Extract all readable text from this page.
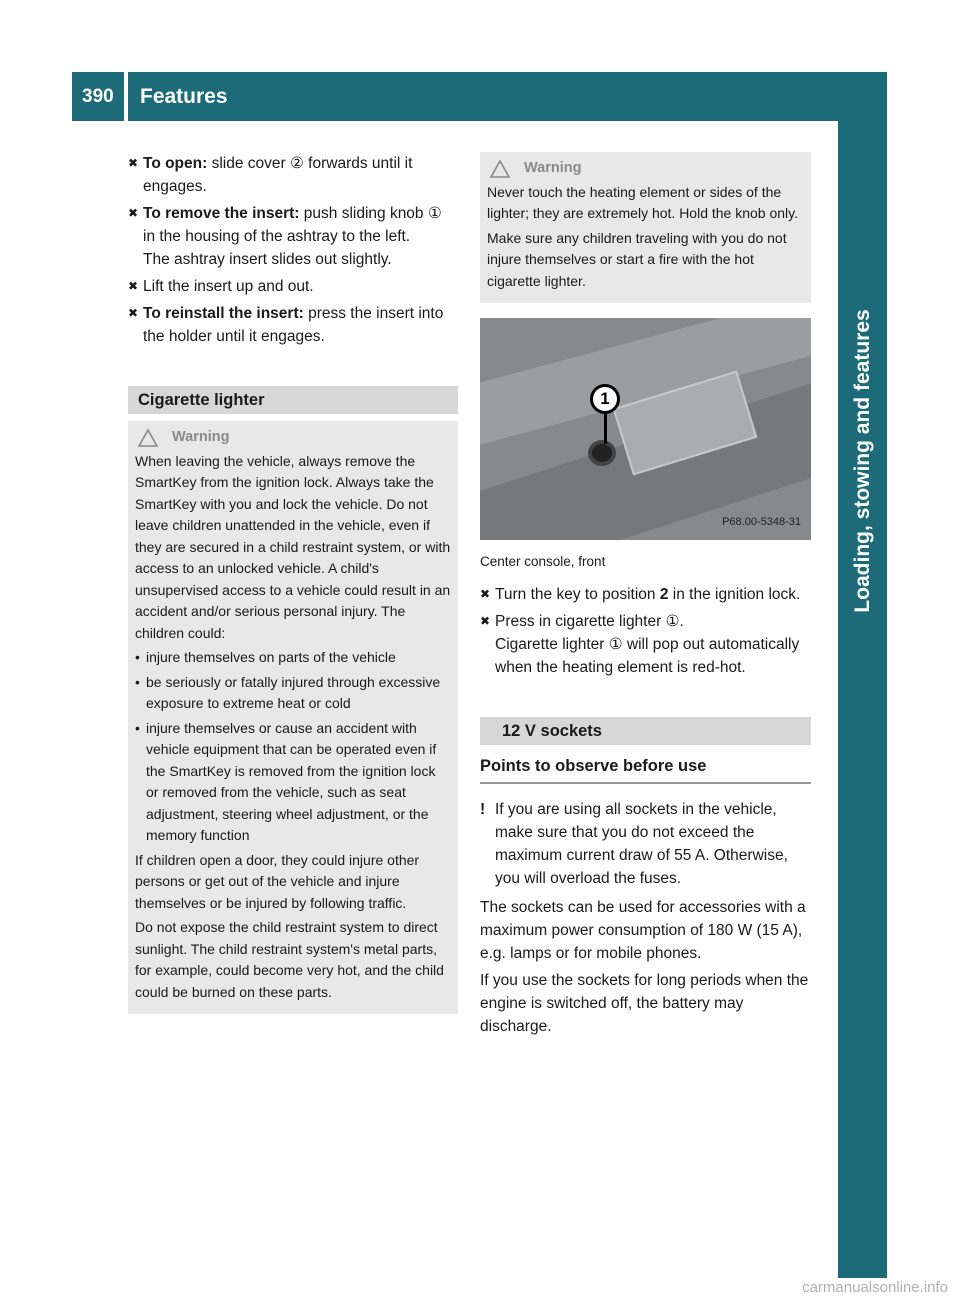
390	Features
Loading, stowing and features
✖ To open: slide cover ② forwards until it engages.
✖ To remove the insert: push sliding knob ① in the housing of the ashtray to the left.
The ashtray insert slides out slightly.
✖ Lift the insert up and out.
✖ To reinstall the insert: press the insert into the holder until it engages.
Cigarette lighter
Warning

When leaving the vehicle, always remove the SmartKey from the ignition lock. Always take the SmartKey with you and lock the vehicle. Do not leave children unattended in the vehicle, even if they are secured in a child restraint system, or with access to an unlocked vehicle. A child's unsupervised access to a vehicle could result in an accident and/or serious personal injury. The children could:

• injure themselves on parts of the vehicle
• be seriously or fatally injured through excessive exposure to extreme heat or cold
• injure themselves or cause an accident with vehicle equipment that can be operated even if the SmartKey is removed from the ignition lock or removed from the vehicle, such as seat adjustment, steering wheel adjustment, or the memory function

If children open a door, they could injure other persons or get out of the vehicle and injure themselves or be injured by following traffic.

Do not expose the child restraint system to direct sunlight. The child restraint system's metal parts, for example, could become very hot, and the child could be burned on these parts.

Warning

Never touch the heating element or sides of the lighter; they are extremely hot. Hold the knob only.

Make sure any children traveling with you do not injure themselves or start a fire with the hot cigarette lighter.

1
P68.00-5348-31
Center console, front
✖ Turn the key to position 2 in the ignition lock.
✖ Press in cigarette lighter ①.
Cigarette lighter ① will pop out automatically when the heating element is red-hot.
12 V sockets
Points to observe before use
! If you are using all sockets in the vehicle, make sure that you do not exceed the maximum current draw of 55 A. Otherwise, you will overload the fuses.

The sockets can be used for accessories with a maximum power consumption of 180 W (15 A), e.g. lamps or for mobile phones.

If you use the sockets for long periods when the engine is switched off, the battery may discharge.

carmanualsonline.info
